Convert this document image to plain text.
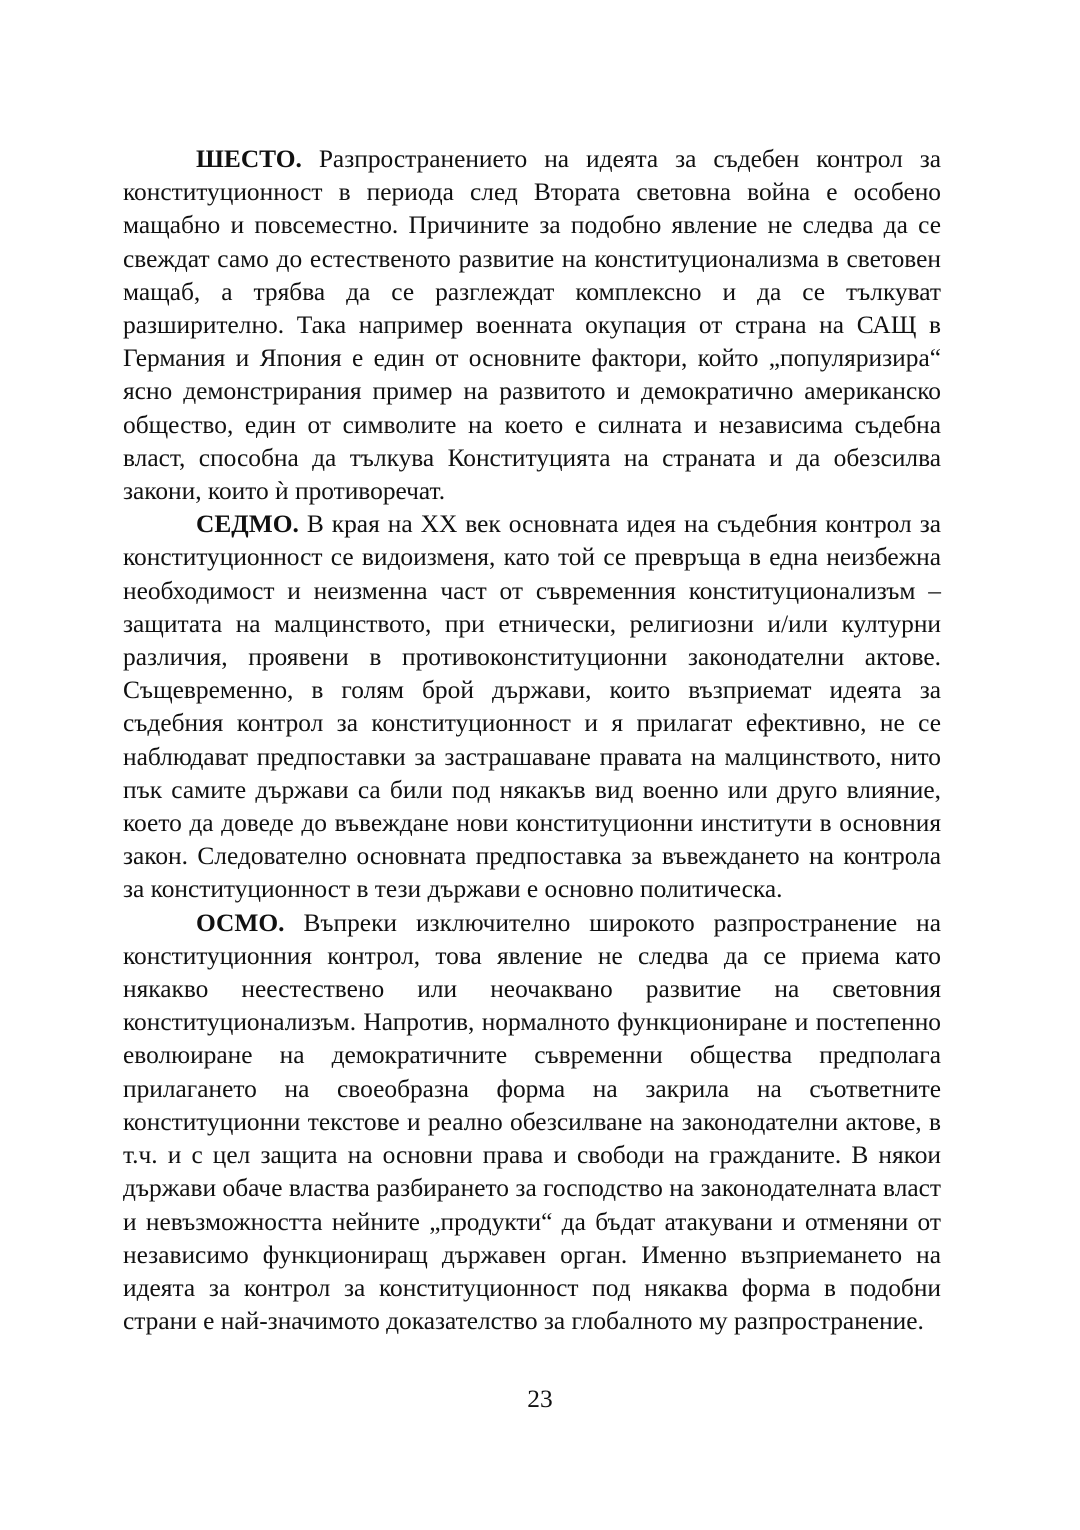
ШЕСТО. Разпространението на идеята за съдебен контрол за конституционност в периода след Втората световна война е особено мащабно и повсеместно. Причините за подобно явление не следва да се свеждат само до естественото развитие на конституционализма в световен мащаб, а трябва да се разглеждат комплексно и да се тълкуват разширително. Така например военната окупация от страна на САЩ в Германия и Япония е един от основните фактори, който „популяризира“ ясно демонстрирания пример на развитото и демократично американско общество, един от символите на което е силната и независима съдебна власт, способна да тълкува Конституцията на страната и да обезсилва закони, които ѝ противоречат.

СЕДМО. В края на XX век основната идея на съдебния контрол за конституционност се видоизменя, като той се превръща в една неизбежна необходимост и неизменна част от съвременния конституционализъм – защитата на малцинството, при етнически, религиозни и/или културни различия, проявени в противоконституционни законодателни актове. Същевременно, в голям брой държави, които възприемат идеята за съдебния контрол за конституционност и я прилагат ефективно, не се наблюдават предпоставки за застрашаване правата на малцинството, нито пък самите държави са били под някакъв вид военно или друго влияние, което да доведе до въвеждане нови конституционни институти в основния закон. Следователно основната предпоставка за въвеждането на контрола за конституционност в тези държави е основно политическа.

ОСМО. Въпреки изключително широкото разпространение на конституционния контрол, това явление не следва да се приема като някакво неестествено или неочаквано развитие на световния конституционализъм. Напротив, нормалното функциониране и постепенно еволюиране на демократичните съвременни общества предполага прилагането на своеобразна форма на закрила на съответните конституционни текстове и реално обезсилване на законодателни актове, в т.ч. и с цел защита на основни права и свободи на гражданите. В някои държави обаче властва разбирането за господство на законодателната власт и невъзможността нейните „продукти“ да бъдат атакувани и отменяни от независимо функциониращ държавен орган. Именно възприемането на идеята за контрол за конституционност под някаква форма в подобни страни е най-значимото доказателство за глобалното му разпространение.

23
